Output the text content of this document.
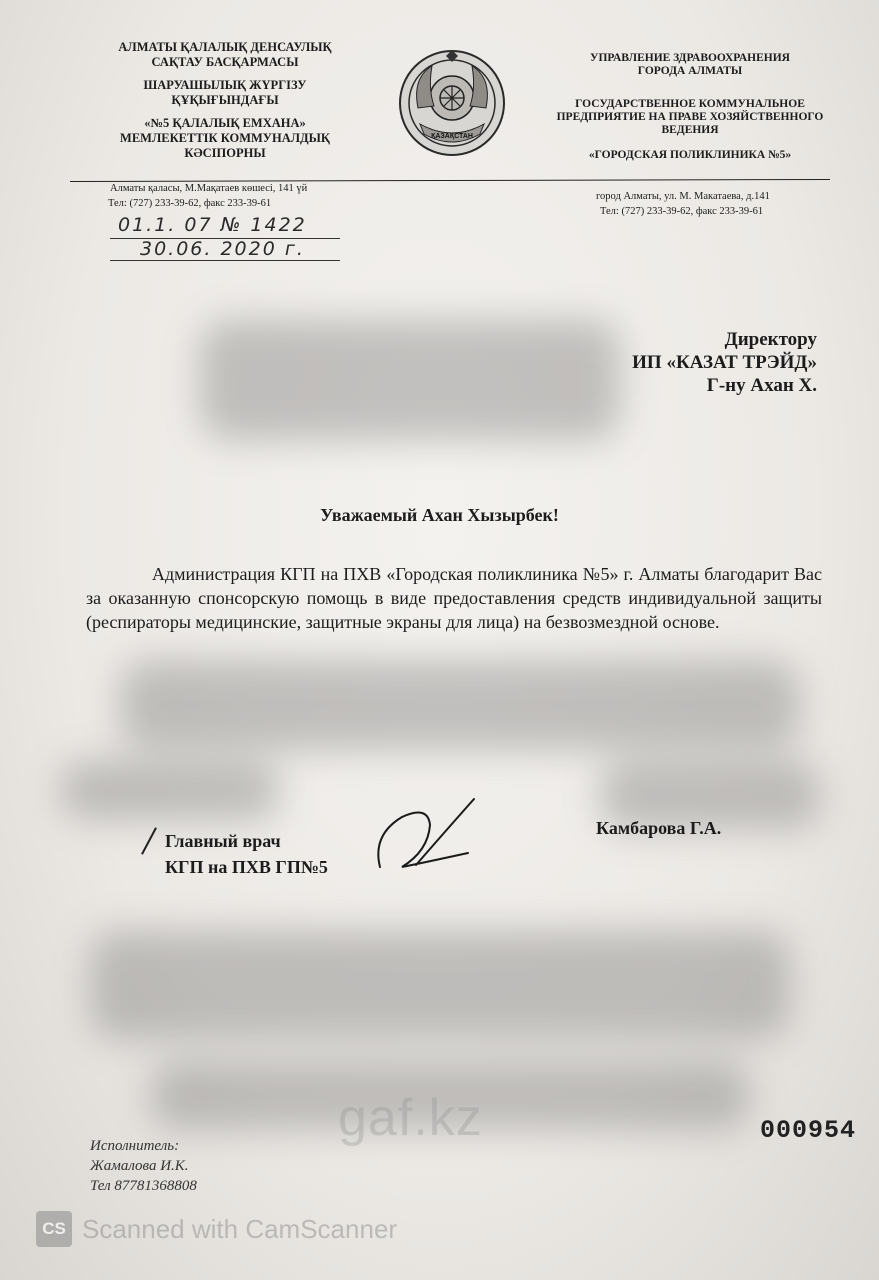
АЛМАТЫ ҚАЛАЛЫҚ ДЕНСАУЛЫҚ
САҚТАУ БАСҚАРМАСЫ
ШАРУАШЫЛЫҚ ЖҮРГІЗУ
ҚҰҚЫҒЫНДАҒЫ
«№5 ҚАЛАЛЫҚ ЕМХАНА»
МЕМЛЕКЕТТІК КОММУНАЛДЫҚ
КӘСІПОРНЫ
ҚАЗАҚСТАН
УПРАВЛЕНИЕ ЗДРАВООХРАНЕНИЯ
ГОРОДА АЛМАТЫ
ГОСУДАРСТВЕННОЕ КОММУНАЛЬНОЕ
ПРЕДПРИЯТИЕ НА ПРАВЕ ХОЗЯЙСТВЕННОГО
ВЕДЕНИЯ
«ГОРОДСКАЯ ПОЛИКЛИНИКА №5»
Алматы қаласы, М.Мақатаев көшесі, 141 үй
Тел: (727) 233-39-62, факс 233-39-61
город Алматы, ул. М. Макатаева, д.141
Тел: (727) 233-39-62, факс 233-39-61
01.1. 07 № 1422
30.06. 2020 г.
Директору
ИП «КАЗАТ ТРЭЙД»
Г-ну Ахан Х.
Уважаемый Ахан Хызырбек!
Администрация КГП на ПХВ «Городская поликлиника №5» г. Алматы благодарит Вас за оказанную спонсорскую помощь в виде предоставления средств индивидуальной защиты (респираторы медицинские, защитные экраны для лица) на безвозмездной основе.
Главный врач
КГП на ПХВ ГП№5
Камбарова Г.А.
gaf.kz	000954
Исполнитель:
Жамалова И.К.
Тел 87781368808
CS Scanned with CamScanner
